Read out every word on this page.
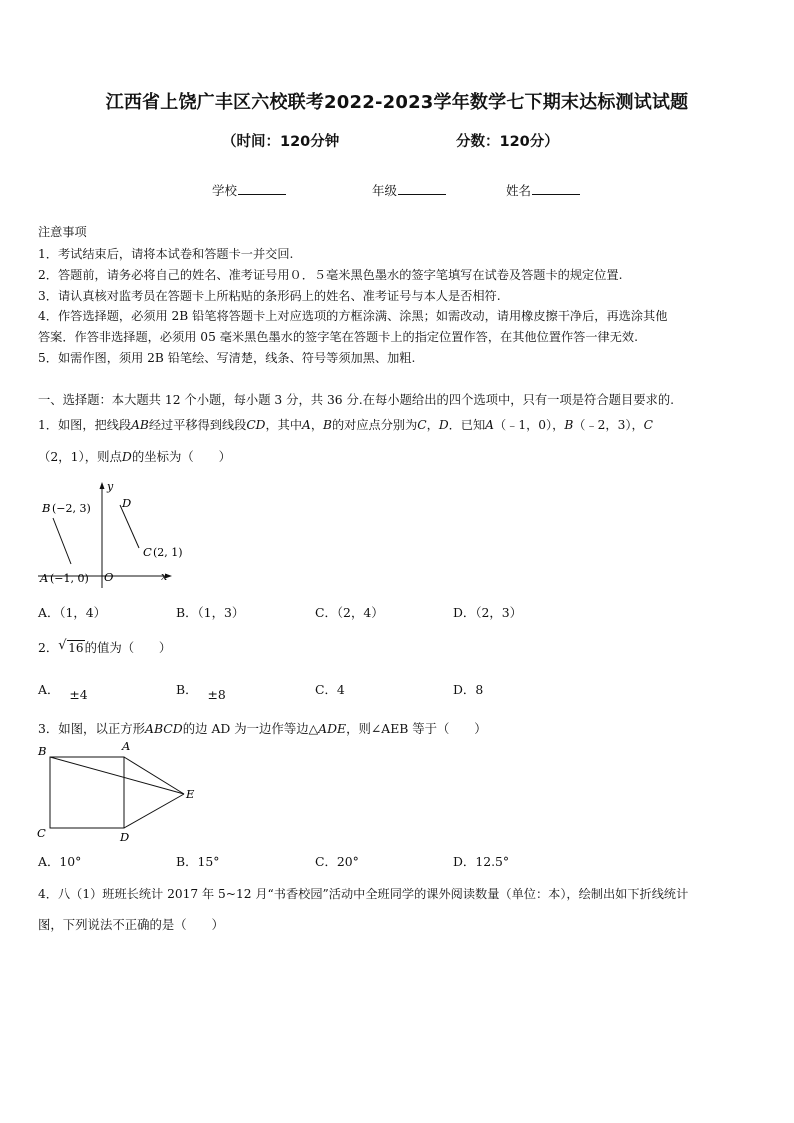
江西省上饶广丰区六校联考2022-2023学年数学七下期末达标测试试题
（时间：120分钟	分数：120分）
学校	年级	姓名
注意事项
1．考试结束后，请将本试卷和答题卡一并交回.
2．答题前，请务必将自己的姓名、准考证号用０．５毫米黑色墨水的签字笔填写在试卷及答题卡的规定位置.
3．请认真核对监考员在答题卡上所粘贴的条形码上的姓名、准考证号与本人是否相符.
4．作答选择题，必须用 2B 铅笔将答题卡上对应选项的方框涂满、涂黑；如需改动，请用橡皮擦干净后，再选涂其他
答案．作答非选择题，必须用 05 毫米黑色墨水的签字笔在答题卡上的指定位置作答，在其他位置作答一律无效.
5．如需作图，须用 2B 铅笔绘、写清楚，线条、符号等须加黑、加粗.
一、选择题：本大题共 12 个小题，每小题 3 分，共 36 分.在每小题给出的四个选项中，只有一项是符合题目要求的.
1．如图，把线段AB经过平移得到线段CD，其中A，B的对应点分别为C，D．已知A（﹣1，0），B（﹣2，3），C
（2，1），则点D的坐标为（　　）
y
x
B (−2, 3)	D
C (2, 1)
A (−1, 0) O
A．（1，4）	B．（1，3）	C．（2，4）	D．（2，3）
2． √ 16的值为（　　）
A． ±4	B． ±8	C．4	D．8
3．如图，以正方形ABCD的边 AD 为一边作等边△ADE，则∠AEB 等于（　　）
B	A
E
C	D
A．10°	B．15°	C．20°	D．12.5°
4．八（1）班班长统计 2017 年 5~12 月“书香校园”活动中全班同学的课外阅读数量（单位：本），绘制出如下折线统计
图，下列说法不正确的是（　　）
